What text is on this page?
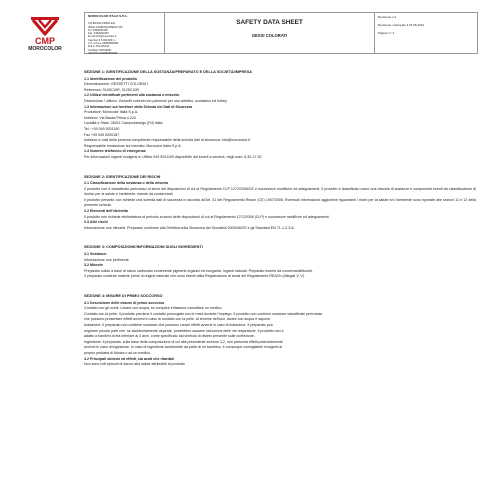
CMP
MOROCOLOR
MOROCOLOR ITALIA S.P.A.
VIA BASSA PRIMA 224
35011 CAMPODARSEGO PD
Tel. 049/9201190
Fax. 049/9200187
E-mail info@morocolor.it
Cap.Soc.€ 5.000.000 i.v.
C.F. e P.iva: 04852890283
R.E.A. PD 425144
Cod.Eori: PD011867
VAT/IT00 IT04852890283
SAFETY DATA SHEET
GESSI COLORATI
Revisione n.4
Revisione / stampato il 15.06.2021
Pagina 1 / 4
SEZIONE 1: IDENTIFICAZIONE DELLA SOSTANZA/PREPARATO E DELLA SOCIETÀ/IMPRESA
1.1 Identificazione del prodotto
Denominazione: GESSETTI COLORATI
Referenza: 3145C10R, 0125C10R
1.2 Utilizzi identificati pertinenti alla sostanza o miscela:
Descrizione / utilizzo: Gessetti colorati non polverosi per uso artistico, scolastico ed hobby
1.3 Informazioni sul fornitore della Scheda dei Dati di Sicurezza
Produttore: Morocolor Italia S.p.A.
Indirizzo: Via Bassa Prima n.224
Località e Stato: 35011 Campodarsego (Pd) Italia
Tel.: +39 049 9201190
Fax +39 049 9200187
Indirizzo e-mail della persona competente responsabile della scheda dati di sicurezza: info@morocolor.it
Responsabile immissione sul mercato: Morocolor Italia S.p.A.
1.4 Numero telefonico di emergenza
Per informazioni urgenti rivolgersi a: Ufficio 049 9201190 disponibile dal lunedì a venerdì, negli orari: 8,30-17,30
SEZIONE 2: IDENTIFICAZIONE DEI RISCHI
2.1 Classificazione della sostanza o della miscela
Il prodotto non è classificato pericoloso ai sensi del disposizioni di cui al Regolamento CLP 1272/2008/CE e successive modifiche ed adeguamenti. Il prodotto è classificato come una miscela di sostanze e componenti esenti da classificazione di rischio per la salute e l'ambiente, esente da conservanti.
Il prodotto pertanto non richiede una scheda dati di sicurezza in accordo all'Art. 31 del Regolamento Reach (CE) 1907/2006. Eventuali informazioni aggiuntive riguardanti i rischi per la salute e/o l'ambiente sono riportate alle sezioni 11 e 12 della presente scheda.
2.2 Elementi dell'etichetta
Il prodotto non richiede etichettatura di pericolo ai sensi delle disposizioni di cui al Regolamento 1272/2008 (CLP) e successive modifiche ed adeguamenti.
2.3 Altri rischi
Informazione non rilevanti. Preparato conforme alla Direttiva sulla Sicurezza dei Giocattoli 2009/48/CE e gli Standard EN 71-1-2-3-8.
SEZIONE 3: COMPOSIZIONE/INFORMAZIONI SUGLI INGREDIENTI
3.1 Sostanze:
Informazione non pertinente
3.2 Miscele
Preparato solido a base di calcio carbonato contenente pigmenti organici ed inorganici, leganti naturali. Preparato esente da conservanti/biocidi.
Il preparato contiene materie prime di origine naturale che sono esenti dalla Registrazione ai sensi del Regolamento REACh (Allegati V, V).
SEZIONE 4: MISURE DI PRIMO SOCCORSO
4.1 Descrizione delle misure di primo soccorso
Contatto con gli occhi: Lavare con acqua; se compare irritazione consultare un medico.
Contatto con la pelle: Il prodotto previene il contatto prolungato con le mani durante l'impiego. Il prodotto non contiene sostanze classificate pericolose
che possono presentare effetti avversi in caso di contatto con la pelle. Al termine dell'uso, lavare con acqua e sapone.
Inalazione: Il preparato non contiene sostanze che possono creare effetti avversi in caso di inalazione. Il preparato può
originare piccole parti che, se accidentalmente aspirate, potrebbero causare ostruzione delle vie respiratorie. Il prodotto non è
adatto a bambini di età inferiore ai 3 anni, come specificato dal simbolo di divieto presente sulle confezione.
Ingestione: Il preparato, sulla base della composizione di cui alla precedente sezione 3.2, non presenta effetti potenzialmente
avversi in caso di ingestione. In caso di ingestione accidentale da parte di un bambino, è comunque consigliabile rivolgersi al
proprio pediatra di fiducia o ad un medico.
4.2 Principali sintomi ed effetti, sia acuti che ritardati
Non sono noti episodi di danno alla salute attribuibili al prodotto
